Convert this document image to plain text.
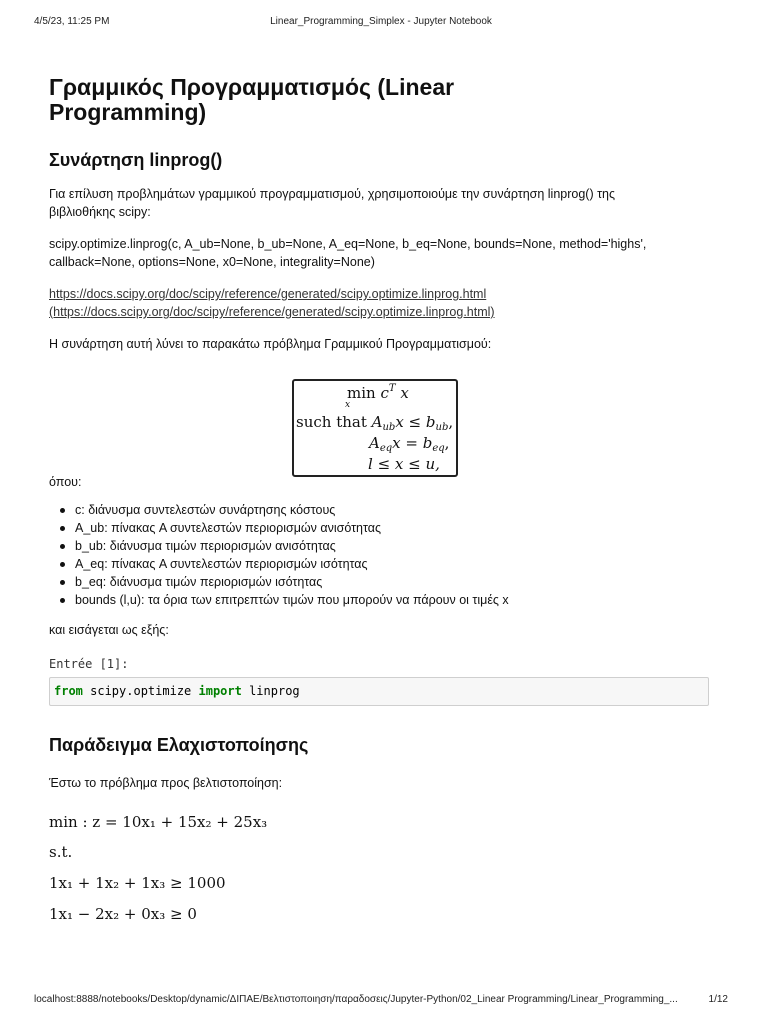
4/5/23, 11:25 PM	Linear_Programming_Simplex - Jupyter Notebook
Γραμμικός Προγραμματισμός (Linear
Programming)
Συνάρτηση linprog()

Για επίλυση προβλημάτων γραμμικού προγραμματισμού, χρησιμοποιούμε την συνάρτηση linprog() της
βιβλιοθήκης scipy:

scipy.optimize.linprog(c, A_ub=None, b_ub=None, A_eq=None, b_eq=None, bounds=None, method='highs',
callback=None, options=None, x0=None, integrality=None)

https://docs.scipy.org/doc/scipy/reference/generated/scipy.optimize.linprog.html
(https://docs.scipy.org/doc/scipy/reference/generated/scipy.optimize.linprog.html)

Η συνάρτηση αυτή λύνει το παρακάτω πρόβλημα Γραμμικού Προγραμματισμού:

$\min c^T$ x
x
such that $A_{ub}x \le b_{ub}$,
$A_{eq}x = b_{eq}$,
l ≤ x ≤ u,

όπου:

c: διάνυσμα συντελεστών συνάρτησης κόστους
A_ub: πίνακας A συντελεστών περιορισμών ανισότητας
b_ub: διάνυσμα τιμών περιορισμών ανισότητας
A_eq: πίνακας A συντελεστών περιορισμών ισότητας
b_eq: διάνυσμα τιμών περιορισμών ισότητας
bounds (l,u): τα όρια των επιτρεπτών τιμών που μπορούν να πάρουν οι τιμές x

και εισάγεται ως εξής:

Entrée [1]:
from scipy.optimize import linprog
Παράδειγμα Ελαχιστοποίησης

Έστω το πρόβλημα προς βελτιστοποίηση:

min : z = 10x₁ + 15x₂ + 25x₃
s.t.
1x₁ + 1x₂ + 1x₃ ≥ 1000
1x₁ − 2x₂ + 0x₃ ≥ 0
localhost:8888/notebooks/Desktop/dynamic/ΔΙΠΑΕ/Βελτιστοποιηση/παραδοσεις/Jupyter-Python/02_Linear Programming/Linear_Programming_...	1/12
